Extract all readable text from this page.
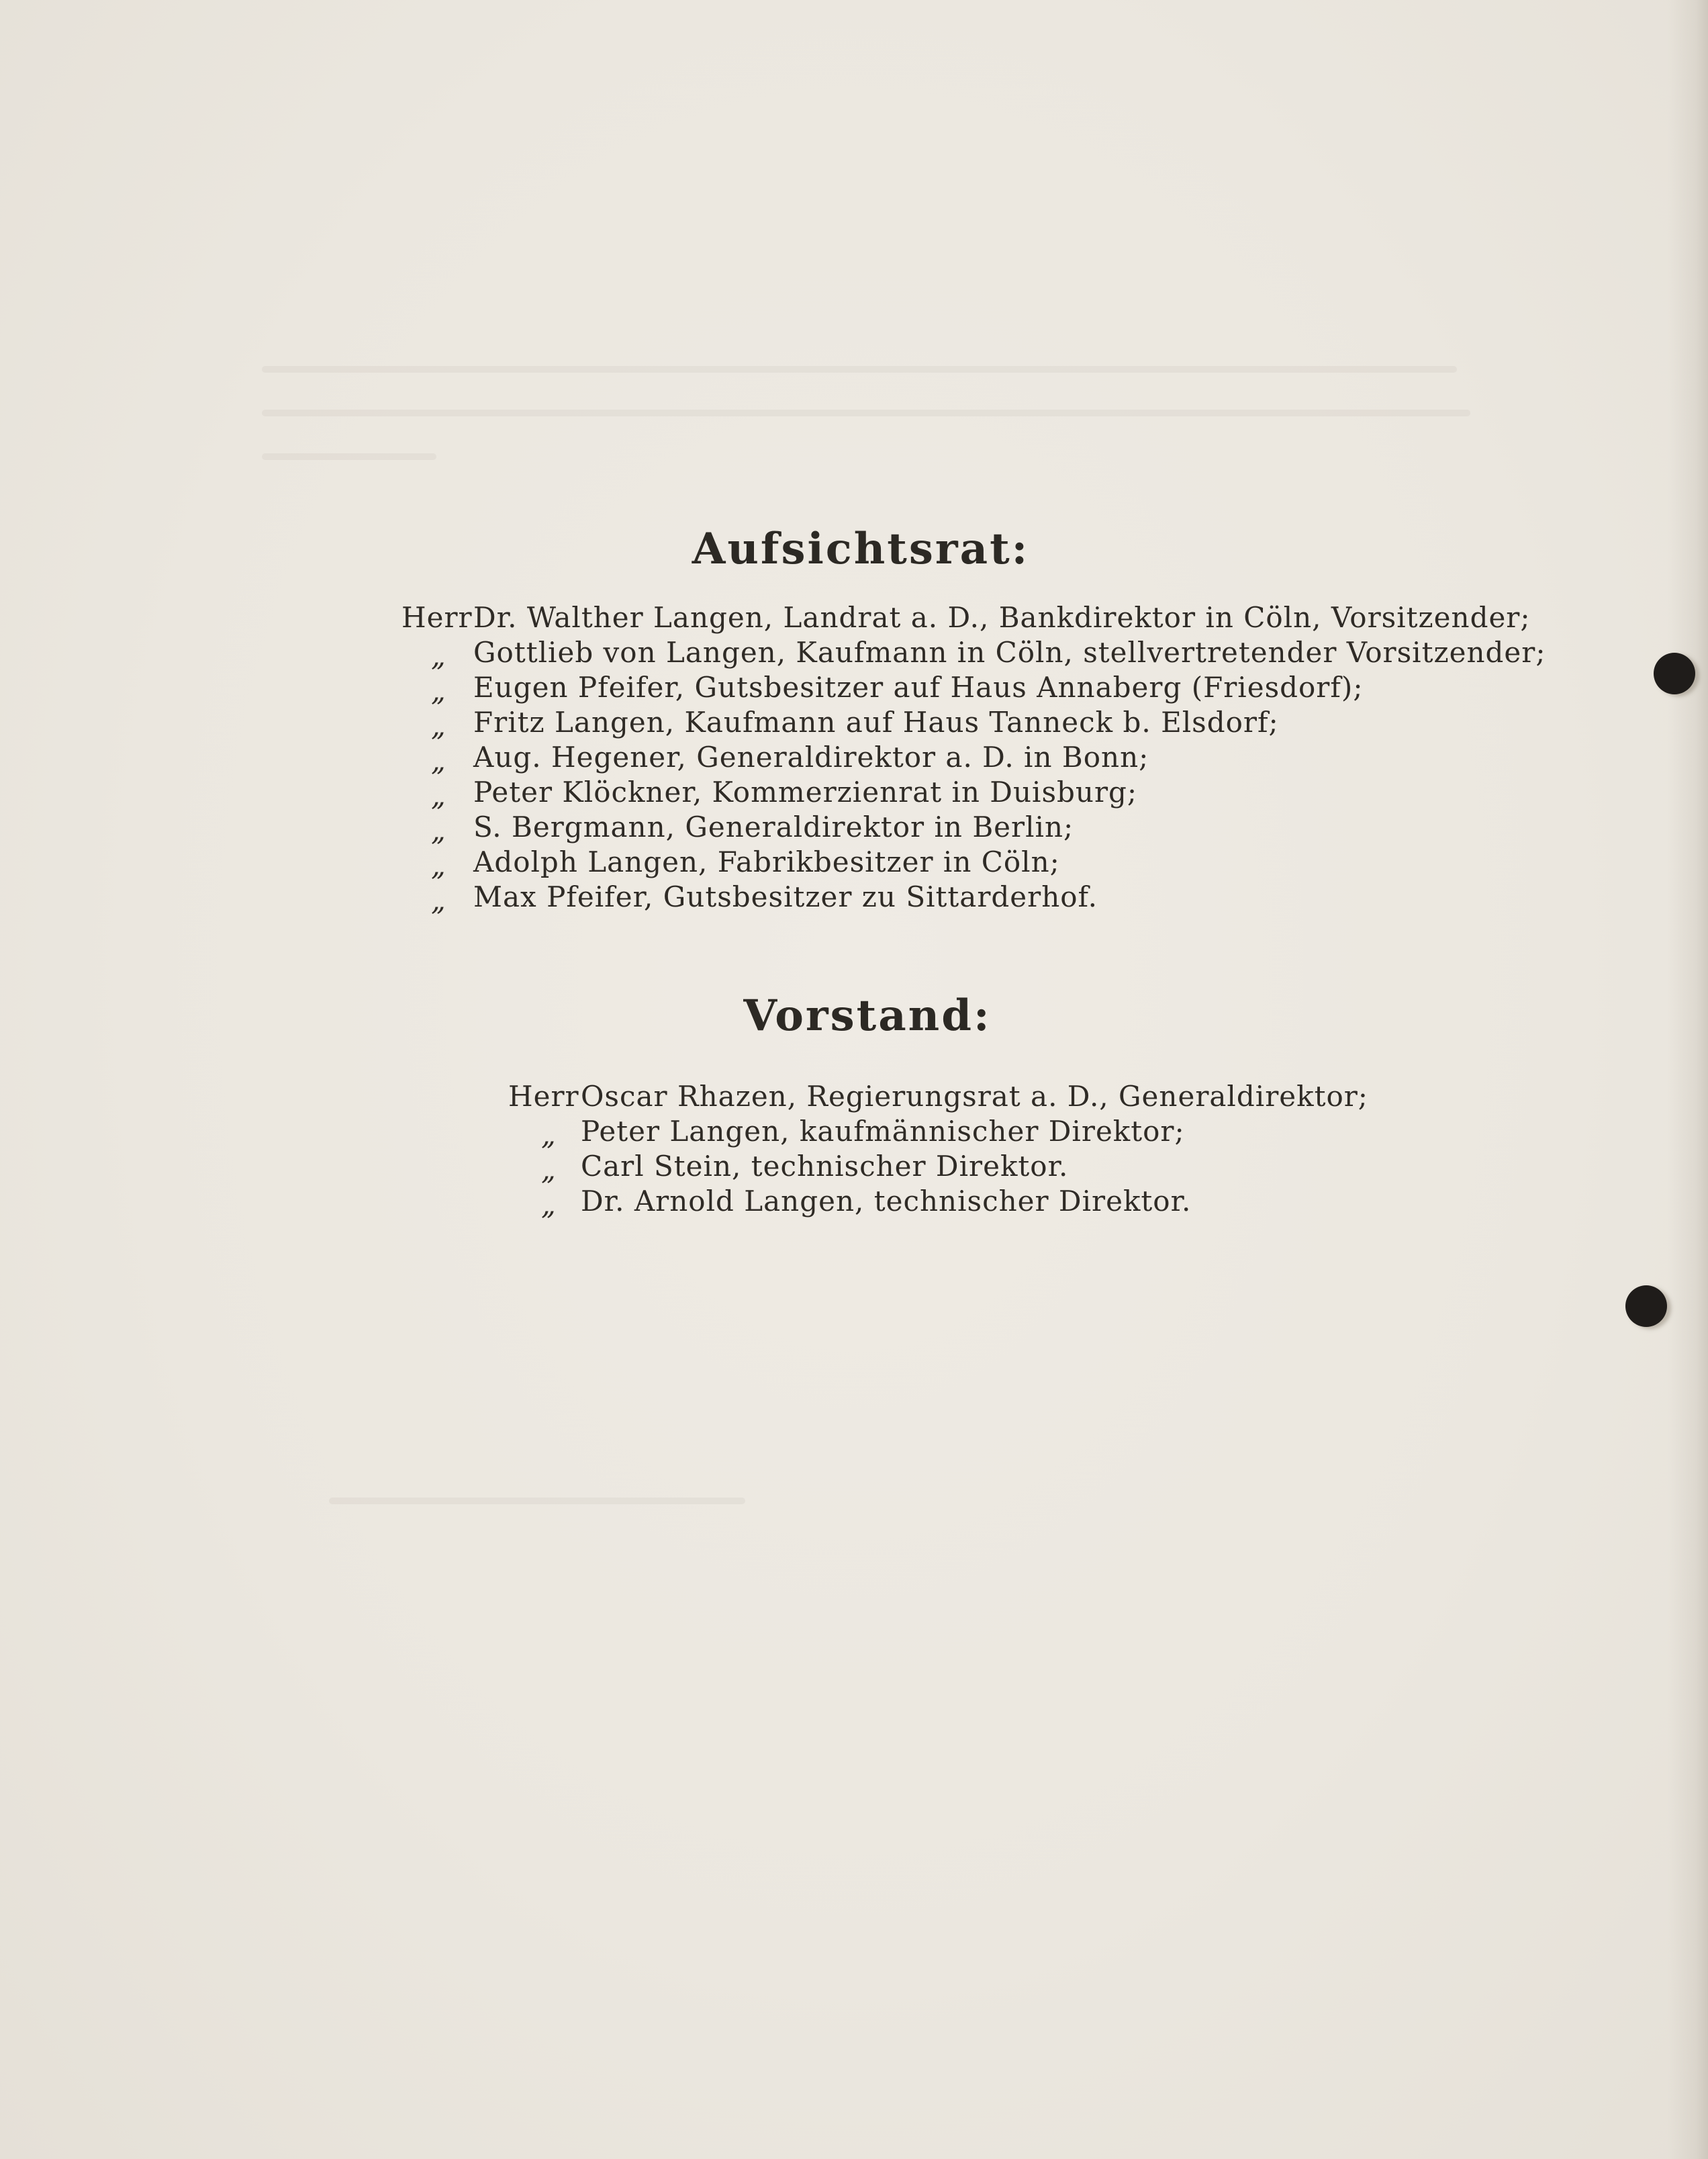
Aufsichtsrat:
Herr Dr. Walther Langen, Landrat a. D., Bankdirektor in Cöln, Vorsitzender;
„ Gottlieb von Langen, Kaufmann in Cöln, stellvertretender Vorsitzender;
„ Eugen Pfeifer, Gutsbesitzer auf Haus Annaberg (Friesdorf);
„ Fritz Langen, Kaufmann auf Haus Tanneck b. Elsdorf;
„ Aug. Hegener, Generaldirektor a. D. in Bonn;
„ Peter Klöckner, Kommerzienrat in Duisburg;
„ S. Bergmann, Generaldirektor in Berlin;
„ Adolph Langen, Fabrikbesitzer in Cöln;
„ Max Pfeifer, Gutsbesitzer zu Sittarderhof.
Vorstand:
Herr Oscar Rhazen, Regierungsrat a. D., Generaldirektor;
„ Peter Langen, kaufmännischer Direktor;
„ Carl Stein, technischer Direktor.
„ Dr. Arnold Langen, technischer Direktor.
